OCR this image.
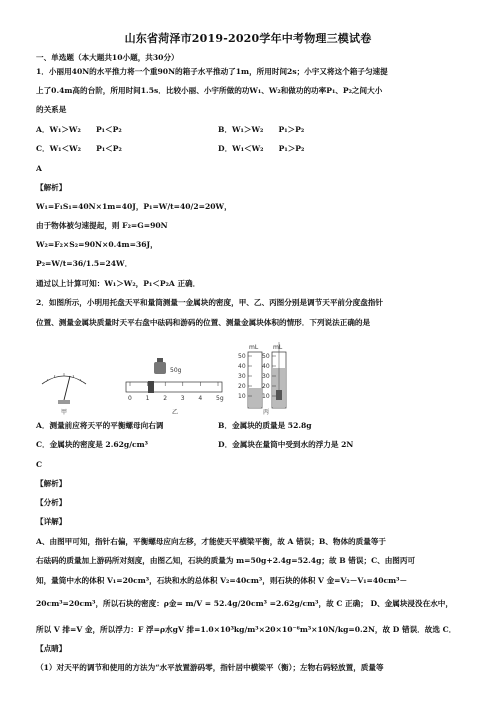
山东省菏泽市2019-2020学年中考物理三模试卷
一、单选题（本大题共10小题，共30分）
1．小丽用40N的水平推力将一个重90N的箱子水平推动了1m，所用时间2s；小宇又将这个箱子匀速提
上了0.4m高的台阶，所用时间1.5s．比较小丽、小宇所做的功W₁、W₂和做功的功率P₁、P₂之间大小
的关系是
A．W₁＞W₂　　P₁＜P₂	B．W₁＞W₂　　P₁＞P₂
C．W₁＜W₂　　P₁＜P₂	D．W₁＜W₂　　P₁＞P₂
A
【解析】
W₁=F₁S₁=40N×1m=40J，P₁=W/t=40/2=20W，
由于物体被匀速提起，则 F₂=G=90N
W₂=F₂×S₂=90N×0.4m=36J，
P₂=W/t=36/1.5=24W．
通过以上计算可知：W₁＞W₂，P₁＜P₂A 正确．
2．如图所示，小明用托盘天平和量筒测量一金属块的密度，甲、乙、丙图分别是调节天平前分度盘指针
位置、测量金属块质量时天平右盘中砝码和游码的位置、测量金属块体积的情形．下列说法正确的是
甲
50g
0 1 2 3 4 5g
乙
mL mL
50
40
30
20
10
50
40
30
20
10
丙
A．测量前应将天平的平衡螺母向右调	B．金属块的质量是 52.8g
C．金属块的密度是 2.62g/cm³	D．金属块在量筒中受到水的浮力是 2N
C
【解析】
【分析】
【详解】
A、由图甲可知，指针右偏，平衡螺母应向左移，才能使天平横梁平衡，故 A 错误；B、物体的质量等于
右砝码的质量加上游码所对刻度，由图乙知，石块的质量为 m=50g+2.4g=52.4g；故 B 错误；C、由图丙可
知，量筒中水的体积 V₁=20cm³，石块和水的总体积 V₂=40cm³，则石块的体积 V 金=V₂－V₁=40cm³－
20cm³=20cm³，所以石块的密度：ρ金= m/V = 52.4g/20cm³ =2.62g/cm³，故 C 正确； D、金属块浸没在水中，
所以 V 排=V 金，所以浮力：F 浮=ρ水gV 排=1.0×10³kg/m³×20×10⁻⁶m³×10N/kg=0.2N，故 D 错误．故选 C．
【点睛】
（1）对天平的调节和使用的方法为“水平放置游码零，指针居中横梁平（衡）；左物右码轻放置，质量等
